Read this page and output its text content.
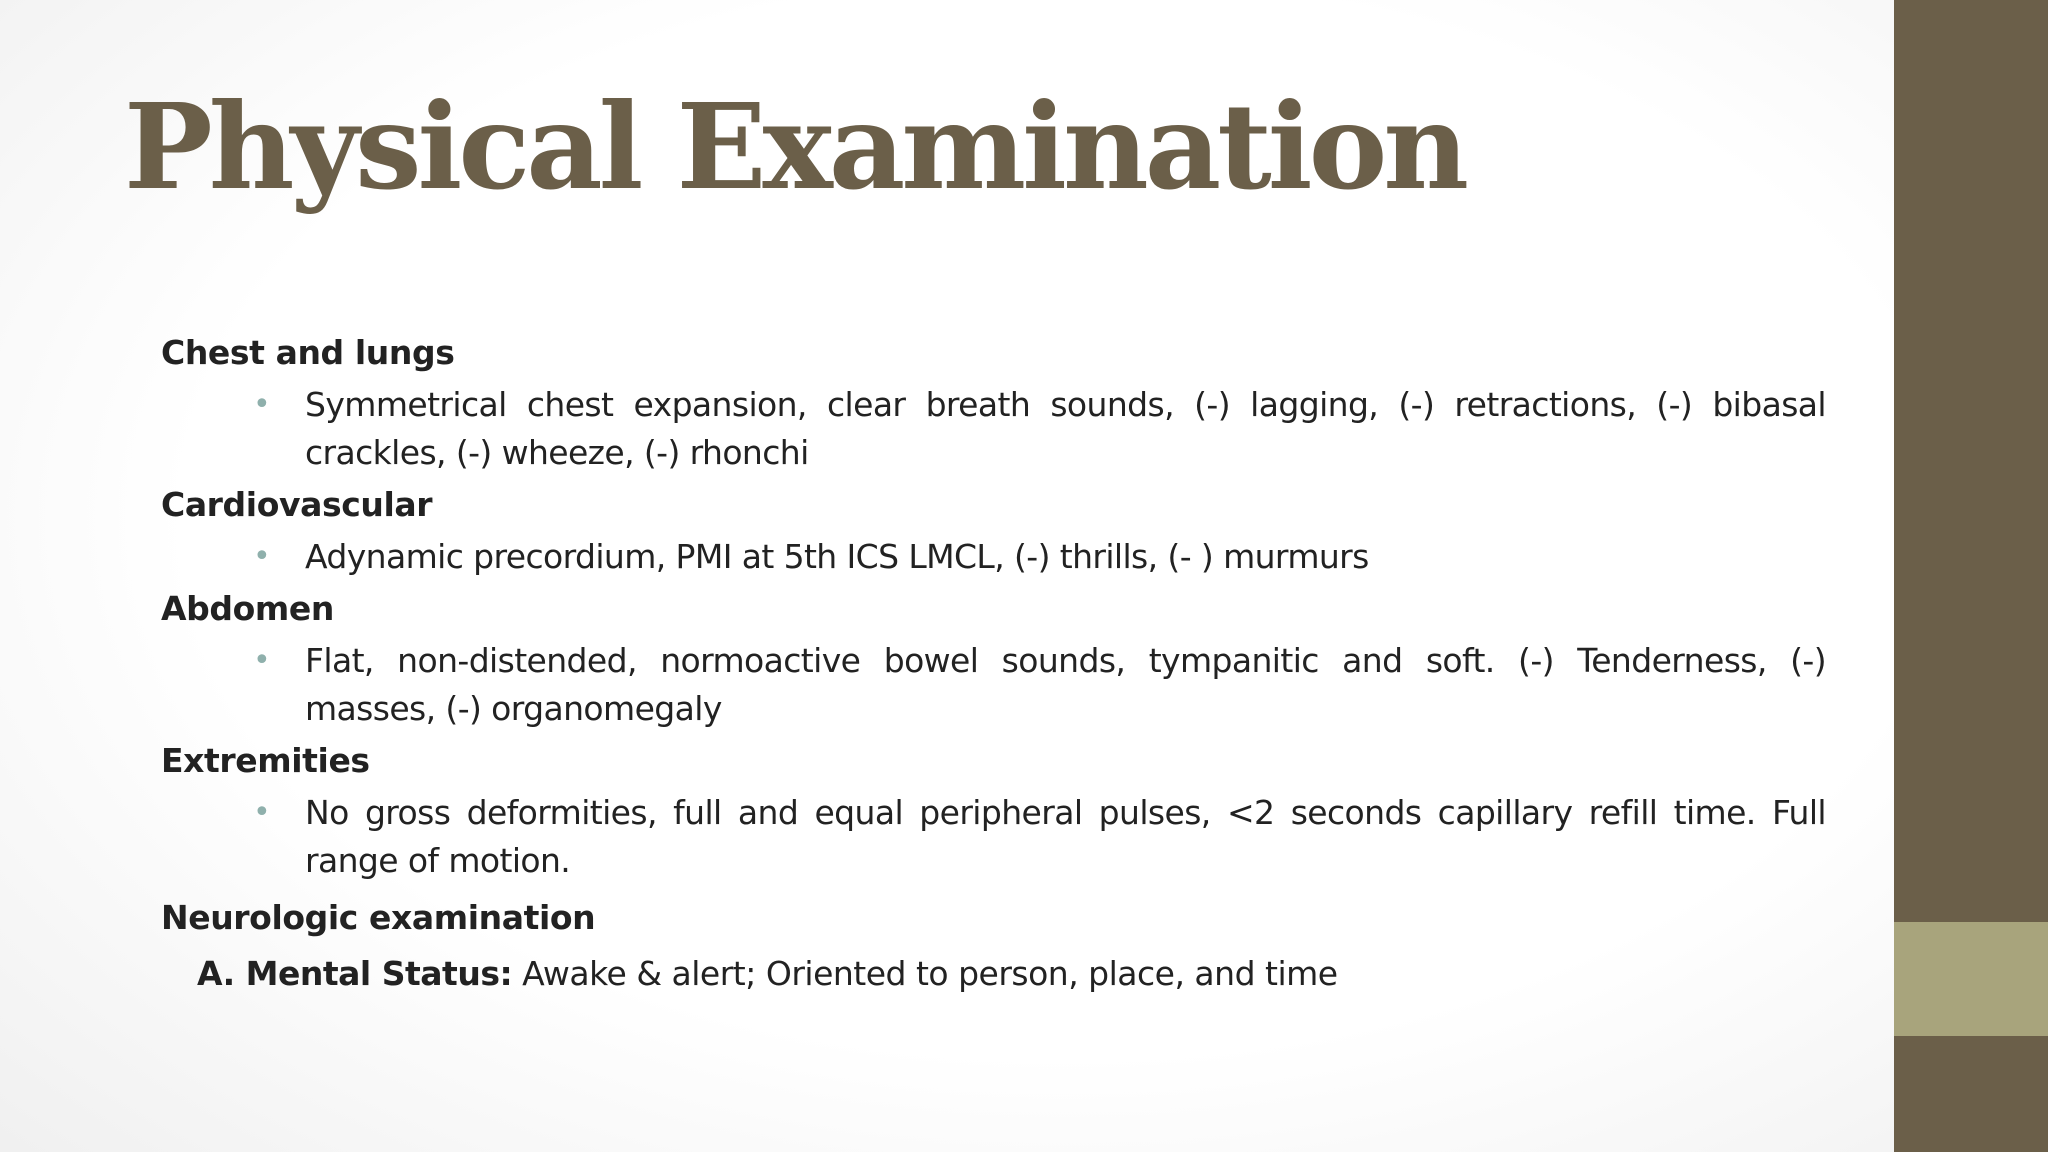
Physical Examination

Chest and lungs

• Symmetrical chest expansion, clear breath sounds, (-) lagging, (-) retractions, (-) bibasal crackles, (-) wheeze, (-) rhonchi

Cardiovascular

• Adynamic precordium, PMI at 5th ICS LMCL, (-) thrills, (- ) murmurs

Abdomen

• Flat, non-distended, normoactive bowel sounds, tympanitic and soft. (-) Tenderness, (-) masses, (-) organomegaly

Extremities

• No gross deformities, full and equal peripheral pulses, <2 seconds capillary refill time. Full range of motion.

Neurologic examination

A. Mental Status: Awake & alert; Oriented to person, place, and time
